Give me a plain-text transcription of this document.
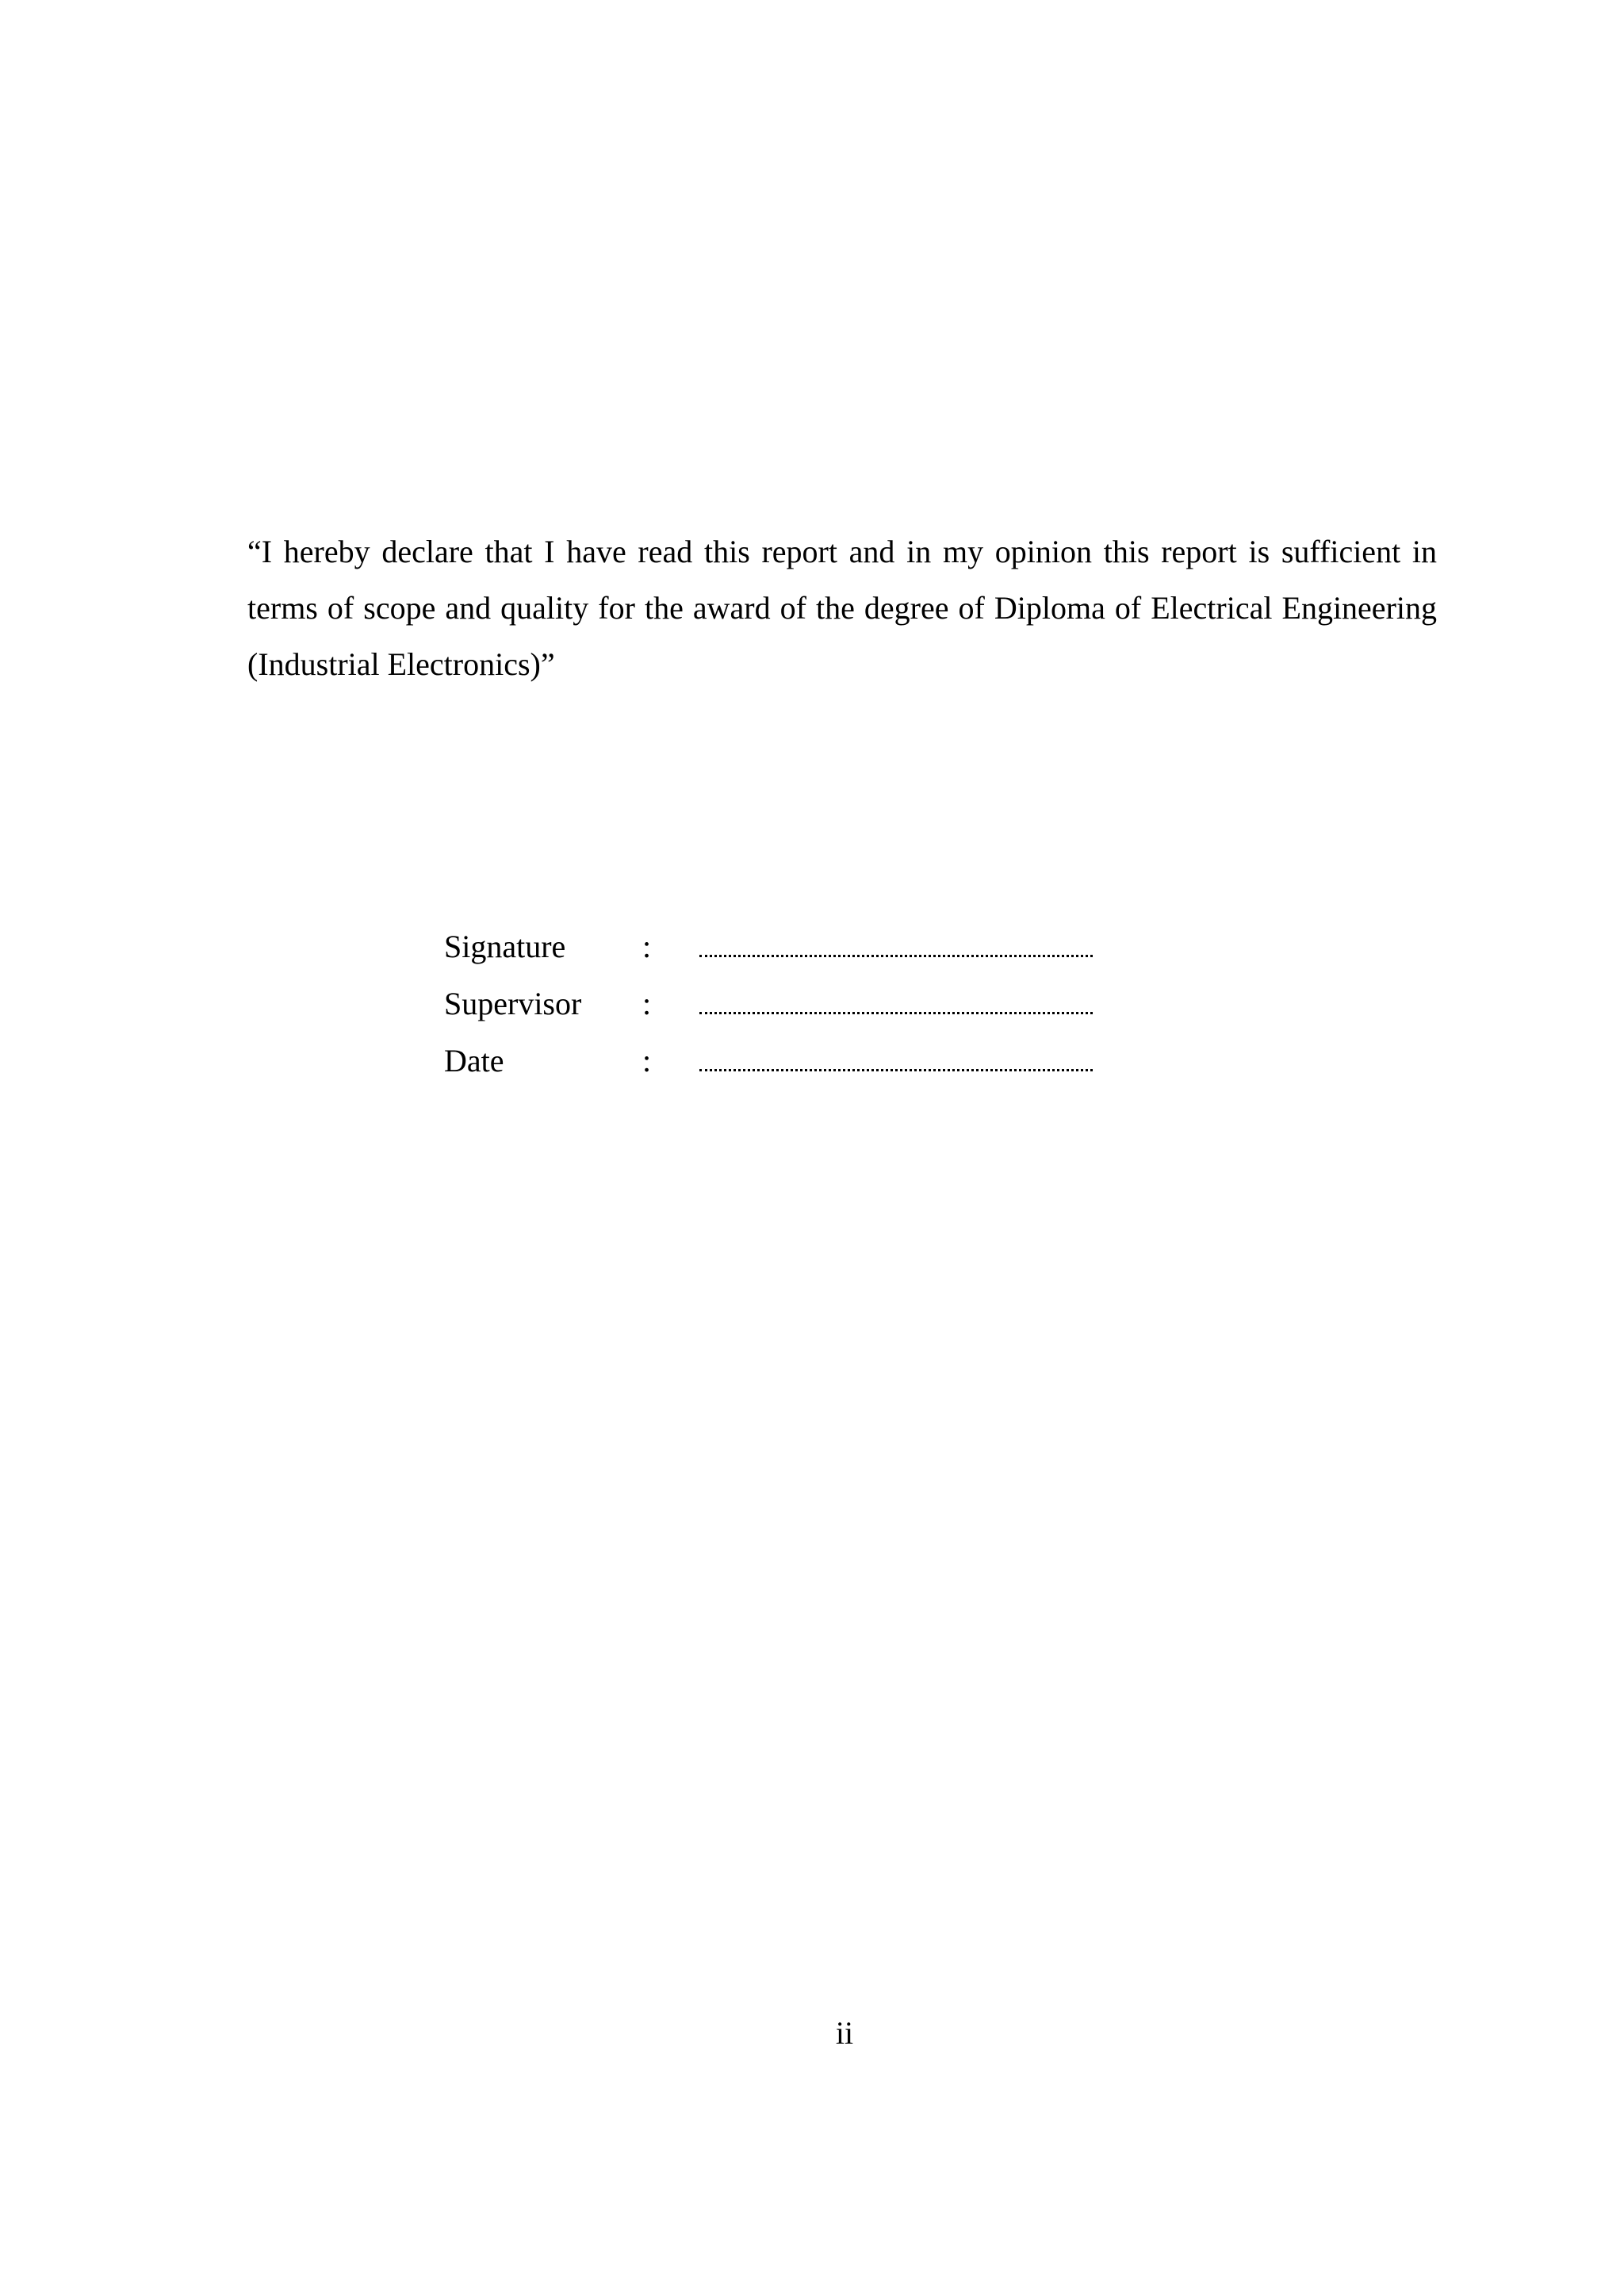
“I hereby declare that I have read this report and in my opinion this report is sufficient in terms of scope and quality for the award of the degree of Diploma of Electrical Engineering (Industrial Electronics)”

Signature :
Supervisor :
Date	:
ii
